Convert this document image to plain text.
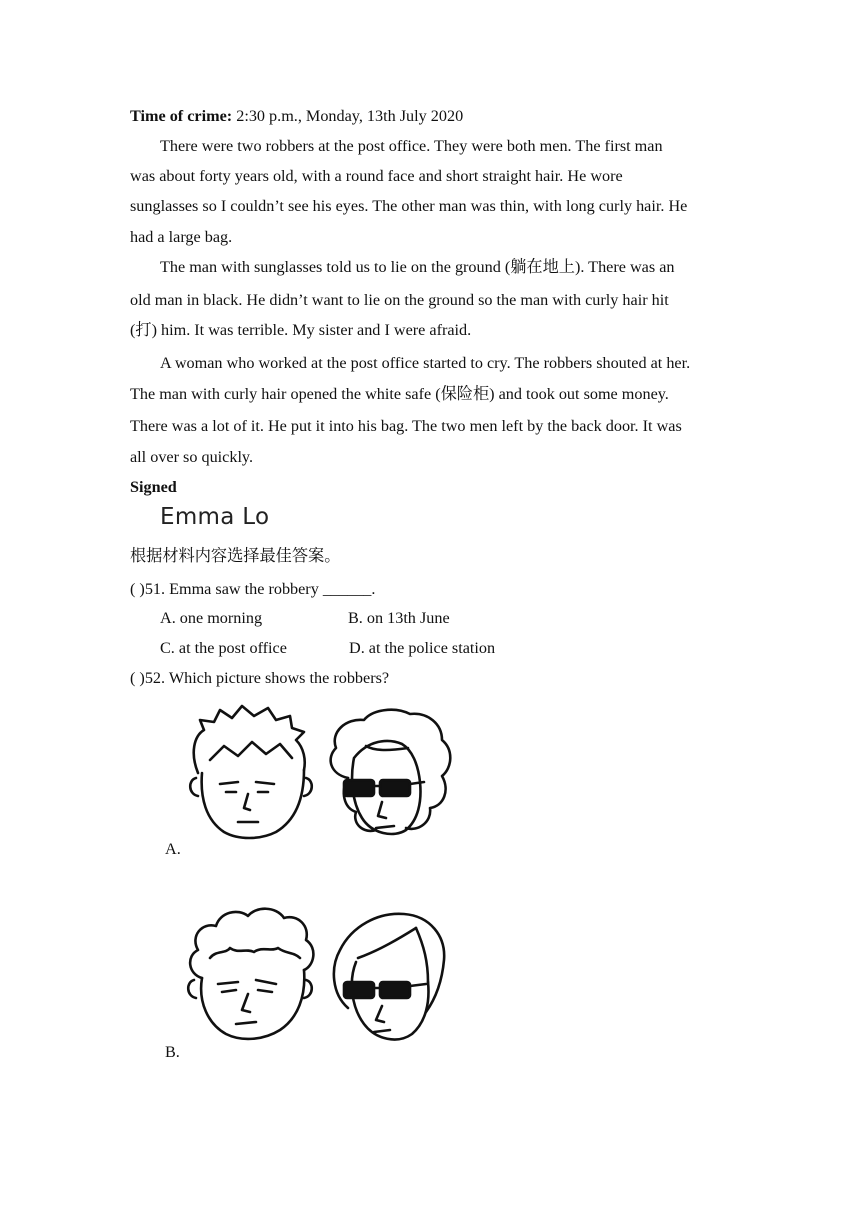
Time of crime: 2:30 p.m., Monday, 13th July 2020
There were two robbers at the post office. They were both men. The first man
was about forty years old, with a round face and short straight hair. He wore
sunglasses so I couldn’t see his eyes. The other man was thin, with long curly hair. He
had a large bag.
The man with sunglasses told us to lie on the ground (躺在地上). There was an
old man in black. He didn’t want to lie on the ground so the man with curly hair hit
(打) him. It was terrible. My sister and I were afraid.
A woman who worked at the post office started to cry. The robbers shouted at her.
The man with curly hair opened the white safe (保险柜) and took out some money.
There was a lot of it. He put it into his bag. The two men left by the back door. It was
all over so quickly.
Signed
Emma Lo
根据材料内容选择最佳答案。
( )51. Emma saw the robbery ______.
A. one morning	B. on 13th June
C. at the post office	D. at the police station
( )52. Which picture shows the robbers?
A.
B.
